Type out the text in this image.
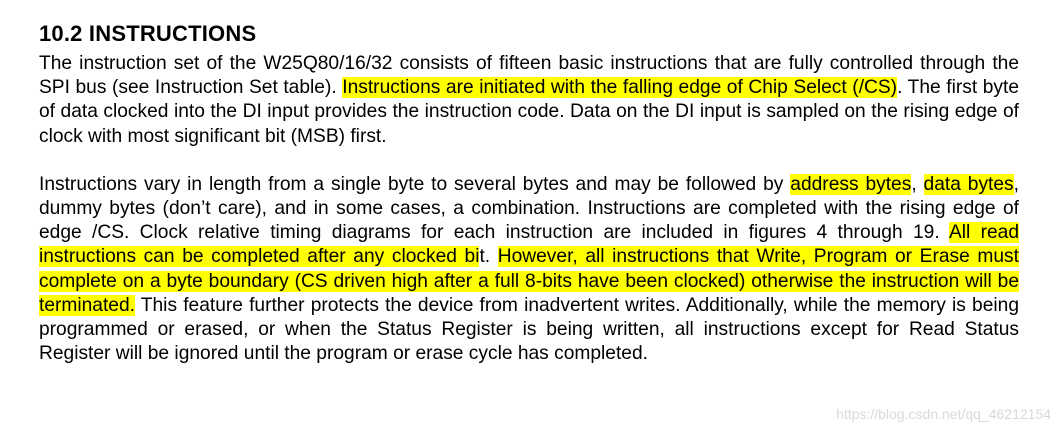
10.2 INSTRUCTIONS

The instruction set of the W25Q80/16/32 consists of fifteen basic instructions that are fully controlled through the SPI bus (see Instruction Set table). Instructions are initiated with the falling edge of Chip Select (/CS). The first byte of data clocked into the DI input provides the instruction code. Data on the DI input is sampled on the rising edge of clock with most significant bit (MSB) first.

Instructions vary in length from a single byte to several bytes and may be followed by address bytes, data bytes, dummy bytes (don’t care), and in some cases, a combination. Instructions are completed with the rising edge of edge /CS. Clock relative timing diagrams for each instruction are included in figures 4 through 19. All read instructions can be completed after any clocked bit. However, all instructions that Write, Program or Erase must complete on a byte boundary (CS driven high after a full 8-bits have been clocked) otherwise the instruction will be terminated. This feature further protects the device from inadvertent writes. Additionally, while the memory is being programmed or erased, or when the Status Register is being written, all instructions except for Read Status Register will be ignored until the program or erase cycle has completed.

https://blog.csdn.net/qq_46212154
